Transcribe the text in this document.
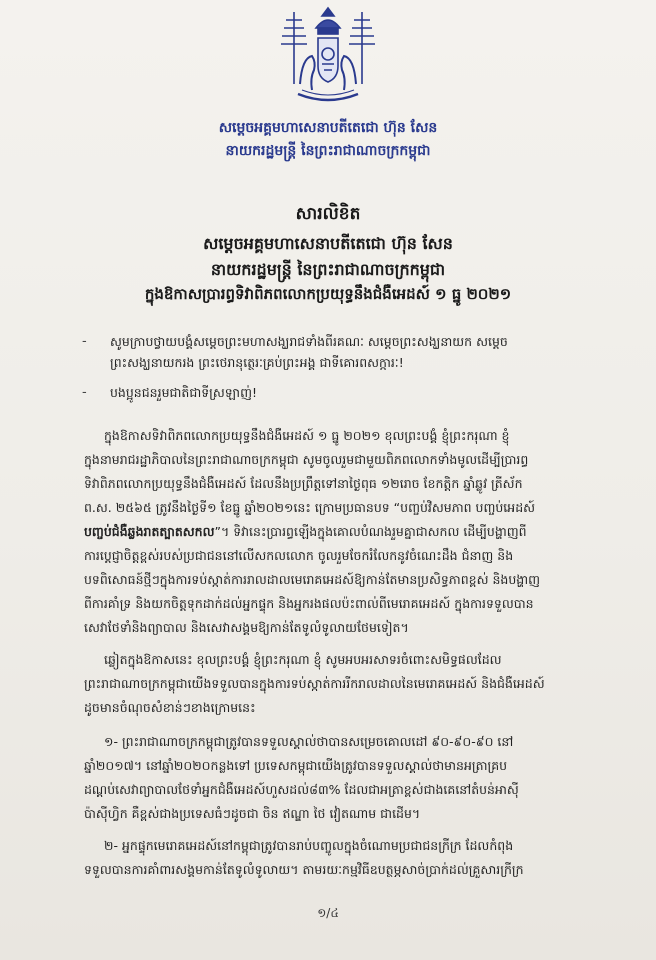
សម្តេចអគ្គមហាសេនាបតីតេជោ ហ៊ុន សែន
នាយករដ្ឋមន្ត្រី នៃព្រះរាជាណាចក្រកម្ពុជា
សារលិខិត
សម្តេចអគ្គមហាសេនាបតីតេជោ ហ៊ុន សែន
នាយករដ្ឋមន្ត្រី នៃព្រះរាជាណាចក្រកម្ពុជា
ក្នុងឱកាសប្រារព្ធទិវាពិភពលោកប្រយុទ្ធនឹងជំងឺអេដស៍ ១ ធ្នូ ២០២១
- សូមក្រាបថ្វាយបង្គំសម្តេចព្រះមហាសង្ឃរាជទាំងពីរគណៈ សម្តេចព្រះសង្ឃនាយក សម្តេច
ព្រះសង្ឃនាយករង ព្រះថេរានុត្ថេរៈគ្រប់ព្រះអង្គ ជាទីគោរពសក្ការៈ!
- បងប្អូនជនរួមជាតិជាទីស្រឡាញ់!
ក្នុងឱកាសទិវាពិភពលោកប្រយុទ្ធនឹងជំងឺអេដស៍ ១ ធ្នូ ២០២១ ខុលព្រះបង្គំ ខ្ញុំព្រះករុណា ខ្ញុំ
ក្នុងនាមរាជរដ្ឋាភិបាលនៃព្រះរាជាណាចក្រកម្ពុជា សូមចូលរួមជាមួយពិភពលោកទាំងមូលដើម្បីប្រារព្ធ
ទិវាពិភពលោកប្រយុទ្ធនឹងជំងឺអេដស៍ ដែលនឹងប្រព្រឹត្តទៅនាថ្ងៃពុធ ១២រោច ខែកត្តិក ឆ្នាំឆ្លូវ ត្រីស័ក
ព.ស. ២៥៦៥ ត្រូវនឹងថ្ងៃទី១ ខែធ្នូ ឆ្នាំ២០២១នេះ ក្រោមប្រធានបទ “បញ្ចប់វិសមភាព បញ្ចប់អេដស៍
បញ្ចប់ជំងឺឆ្លងរាតត្បាតសកល”។ ទិវានេះប្រារព្ធឡើងក្នុងគោលបំណងរួមគ្នាជាសកល ដើម្បីបង្ហាញពី
ការប្តេជ្ញាចិត្តខ្ពស់របស់ប្រជាជននៅលើសកលលោក ចូលរួមចែករំលែកនូវចំណេះដឹង ជំនាញ និង
បទពិសោធន៍ថ្មីៗក្នុងការទប់ស្កាត់ការរាលដាលមេរោគអេដស៍ឱ្យកាន់តែមានប្រសិទ្ធភាពខ្ពស់ និងបង្ហាញ
ពីការគាំទ្រ និងយកចិត្តទុកដាក់ដល់អ្នកផ្ទុក និងអ្នករងផលប៉ះពាល់ពីមេរោគអេដស៍ ក្នុងការទទួលបាន
សេវាថែទាំនិងព្យាបាល និងសេវាសង្គមឱ្យកាន់តែទូលំទូលាយថែមទៀត។
ឆ្លៀតក្នុងឱកាសនេះ ខុលព្រះបង្គំ ខ្ញុំព្រះករុណា ខ្ញុំ សូមអបអរសាទរចំពោះសមិទ្ធផលដែល
ព្រះរាជាណាចក្រកម្ពុជាយើងទទួលបានក្នុងការទប់ស្កាត់ការរីករាលដាលនៃមេរោគអេដស៍ និងជំងឺអេដស៍
ដូចមានចំណុចសំខាន់ៗខាងក្រោមនេះ
១- ព្រះរាជាណាចក្រកម្ពុជាត្រូវបានទទួលស្គាល់ថាបានសម្រេចគោលដៅ ៩០-៩០-៩០ នៅ
ឆ្នាំ២០១៧។ នៅឆ្នាំ២០២០កន្លងទៅ ប្រទេសកម្ពុជាយើងត្រូវបានទទួលស្គាល់ថាមានអត្រាគ្រប
ដណ្តប់សេវាព្យាបាលថែទាំអ្នកជំងឺអេដស៍ហួសដល់៨៣% ដែលជាអត្រាខ្ពស់ជាងគេនៅតំបន់អាស៊ី
ប៉ាស៊ីហ្វិក គឺខ្ពស់ជាងប្រទេសធំៗដូចជា ចិន ឥណ្ឌា ថៃ វៀតណាម ជាដើម។
២- អ្នកផ្ទុកមេរោគអេដស៍នៅកម្ពុជាត្រូវបានរាប់បញ្ចូលក្នុងចំណោមប្រជាជនក្រីក្រ ដែលកំពុង
ទទួលបានការគាំពារសង្គមកាន់តែទូលំទូលាយ។ តាមរយៈកម្មវិធីឧបត្ថម្ភសាច់ប្រាក់ដល់គ្រួសារក្រីក្រ
១/៤
